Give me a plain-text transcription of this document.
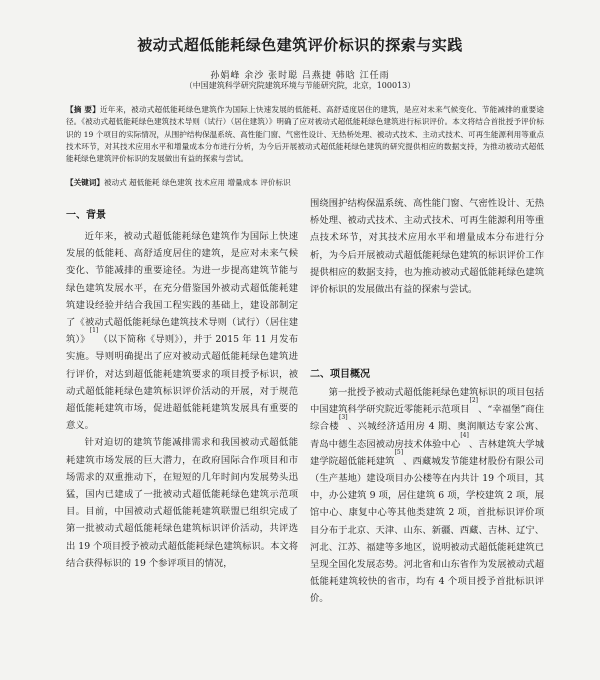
被动式超低能耗绿色建筑评价标识的探索与实践
孙娟峰 余沙 张时聪 吕燕捷 韩晗 江任雨
（中国建筑科学研究院建筑环境与节能研究院，北京，100013）
【摘 要】近年来，被动式超低能耗绿色建筑作为国际上快速发展的低能耗、高舒适度居住的建筑，是应对未来气候变化、节能减排的重要途径。《被动式超低能耗绿色建筑技术导则（试行）（居住建筑）》明确了应对被动式超低能耗绿色建筑进行标识评价。本文将结合首批授予评价标识的 19 个项目的实际情况，从围护结构保温系统、高性能门窗、气密性设计、无热桥处理、被动式技术、主动式技术、可再生能源利用等重点技术环节，对其技术应用水平和增量成本分布进行分析，为今后开展被动式超低能耗绿色建筑的研究提供相应的数据支持，为推动被动式超低能耗绿色建筑评价标识的发展做出有益的探索与尝试。
【关键词】被动式 超低能耗 绿色建筑 技术应用 增量成本 评价标识
一、背景

近年来，被动式超低能耗绿色建筑作为国际上快速发展的低能耗、高舒适度居住的建筑，是应对未来气候变化、节能减排的重要途径。为进一步提高建筑节能与绿色建筑发展水平，在充分借鉴国外被动式超低能耗建筑建设经验并结合我国工程实践的基础上，建设部制定了《被动式超低能耗绿色建筑技术导则（试行）（居住建筑）》[1]（以下简称《导则》），并于 2015 年 11 月发布实施。导则明确提出了应对被动式超低能耗绿色建筑进行评价，对达到超低能耗建筑要求的项目授予标识，被动式超低能耗绿色建筑标识评价活动的开展，对于规范超低能耗建筑市场，促进超低能耗建筑发展具有重要的意义。

针对迫切的建筑节能减排需求和我国被动式超低能耗建筑市场发展的巨大潜力，在政府国际合作项目和市场需求的双重推动下，在短短的几年时间内发展势头迅猛，国内已建成了一批被动式超低能耗绿色建筑示范项目。目前，中国被动式超低能耗建筑联盟已组织完成了第一批被动式超低能耗绿色建筑标识评价活动，共评选出 19 个项目授予被动式超低能耗绿色建筑标识。本文将结合获得标识的 19 个参评项目的情况，

围绕围护结构保温系统、高性能门窗、气密性设计、无热桥处理、被动式技术、主动式技术、可再生能源利用等重点技术环节，对其技术应用水平和增量成本分布进行分析，为今后开展被动式超低能耗绿色建筑的标识评价工作提供相应的数据支持，也为推动被动式超低能耗绿色建筑评价标识的发展做出有益的探索与尝试。

二、项目概况

第一批授予被动式超低能耗绿色建筑标识的项目包括中国建筑科学研究院近零能耗示范项目[2]、“幸福堡”商住综合楼[3]、兴城经济适用房 4 期、奥润顺达专家公寓、青岛中德生态园被动房技术体验中心[4]、吉林建筑大学城建学院超低能耗建筑[5]、西藏城发节能建材股份有限公司（生产基地）建设项目办公楼等在内共计 19 个项目，其中，办公建筑 9 项，居住建筑 6 项，学校建筑 2 项，展馆中心、康复中心等其他类建筑 2 项，首批标识评价项目分布于北京、天津、山东、新疆、西藏、吉林、辽宁、河北、江苏、福建等多地区，说明被动式超低能耗建筑已呈现全国化发展态势。河北省和山东省作为发展被动式超低能耗建筑较快的省市，均有 4 个项目授予首批标识评价。
